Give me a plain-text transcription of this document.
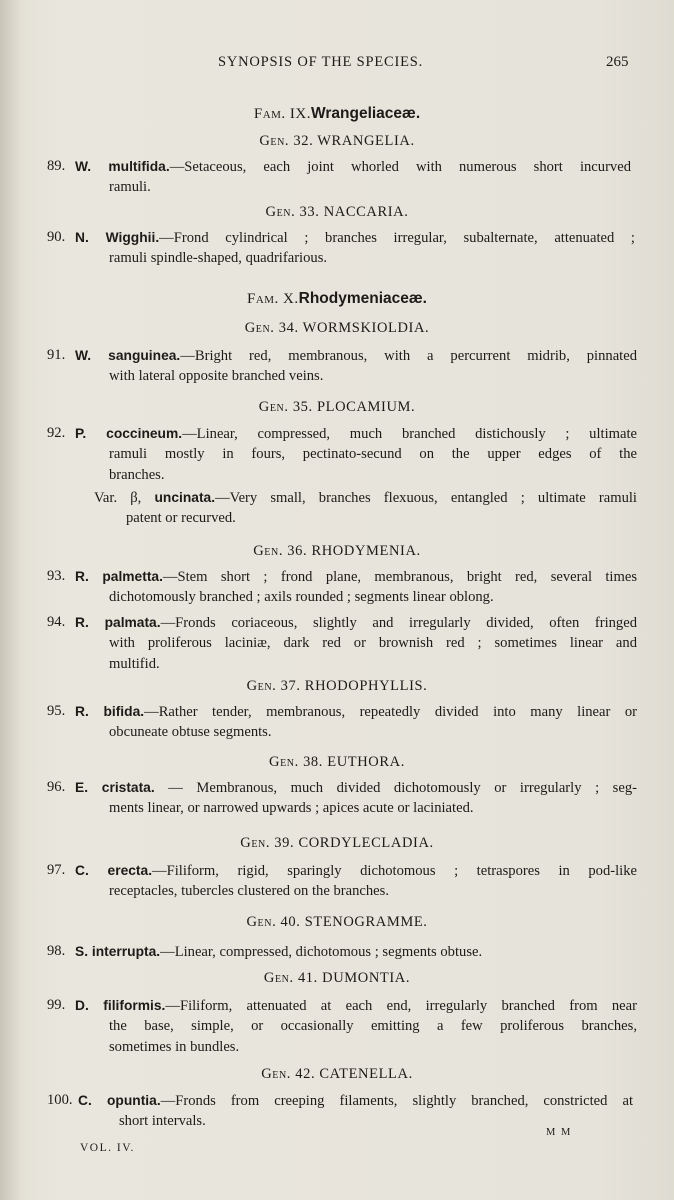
SYNOPSIS OF THE SPECIES.	265
Fam. IX.Wrangeliaceæ.
Gen. 32. WRANGELIA.
89. W. multifida.—Setaceous, each joint whorled with numerous short incurved
ramuli.
Gen. 33. NACCARIA.
90. N. Wigghii.—Frond cylindrical ; branches irregular, subalternate, attenuated ;
ramuli spindle-shaped, quadrifarious.
Fam. X.Rhodymeniaceæ.
Gen. 34. WORMSKIOLDIA.
91. W. sanguinea.—Bright red, membranous, with a percurrent midrib, pinnated
with lateral opposite branched veins.
Gen. 35. PLOCAMIUM.
92. P. coccineum.—Linear, compressed, much branched distichously ; ultimate
ramuli mostly in fours, pectinato-secund on the upper edges of the
branches.
Var. β, uncinata.—Very small, branches flexuous, entangled ; ultimate ramuli
patent or recurved.
Gen. 36. RHODYMENIA.
93. R. palmetta.—Stem short ; frond plane, membranous, bright red, several times
dichotomously branched ; axils rounded ; segments linear oblong.
94. R. palmata.—Fronds coriaceous, slightly and irregularly divided, often fringed
with proliferous laciniæ, dark red or brownish red ; sometimes linear and
multifid.
Gen. 37. RHODOPHYLLIS.
95. R. bifida.—Rather tender, membranous, repeatedly divided into many linear or
obcuneate obtuse segments.
Gen. 38. EUTHORA.
96. E. cristata. — Membranous, much divided dichotomously or irregularly ; seg-
ments linear, or narrowed upwards ; apices acute or laciniated.
Gen. 39. CORDYLECLADIA.
97. C. erecta.—Filiform, rigid, sparingly dichotomous ; tetraspores in pod-like
receptacles, tubercles clustered on the branches.
Gen. 40. STENOGRAMME.
98. S. interrupta.—Linear, compressed, dichotomous ; segments obtuse.
Gen. 41. DUMONTIA.
99. D. filiformis.—Filiform, attenuated at each end, irregularly branched from near
the base, simple, or occasionally emitting a few proliferous branches,
sometimes in bundles.
Gen. 42. CATENELLA.
100. C. opuntia.—Fronds from creeping filaments, slightly branched, constricted at
short intervals.
M M
VOL. IV.
